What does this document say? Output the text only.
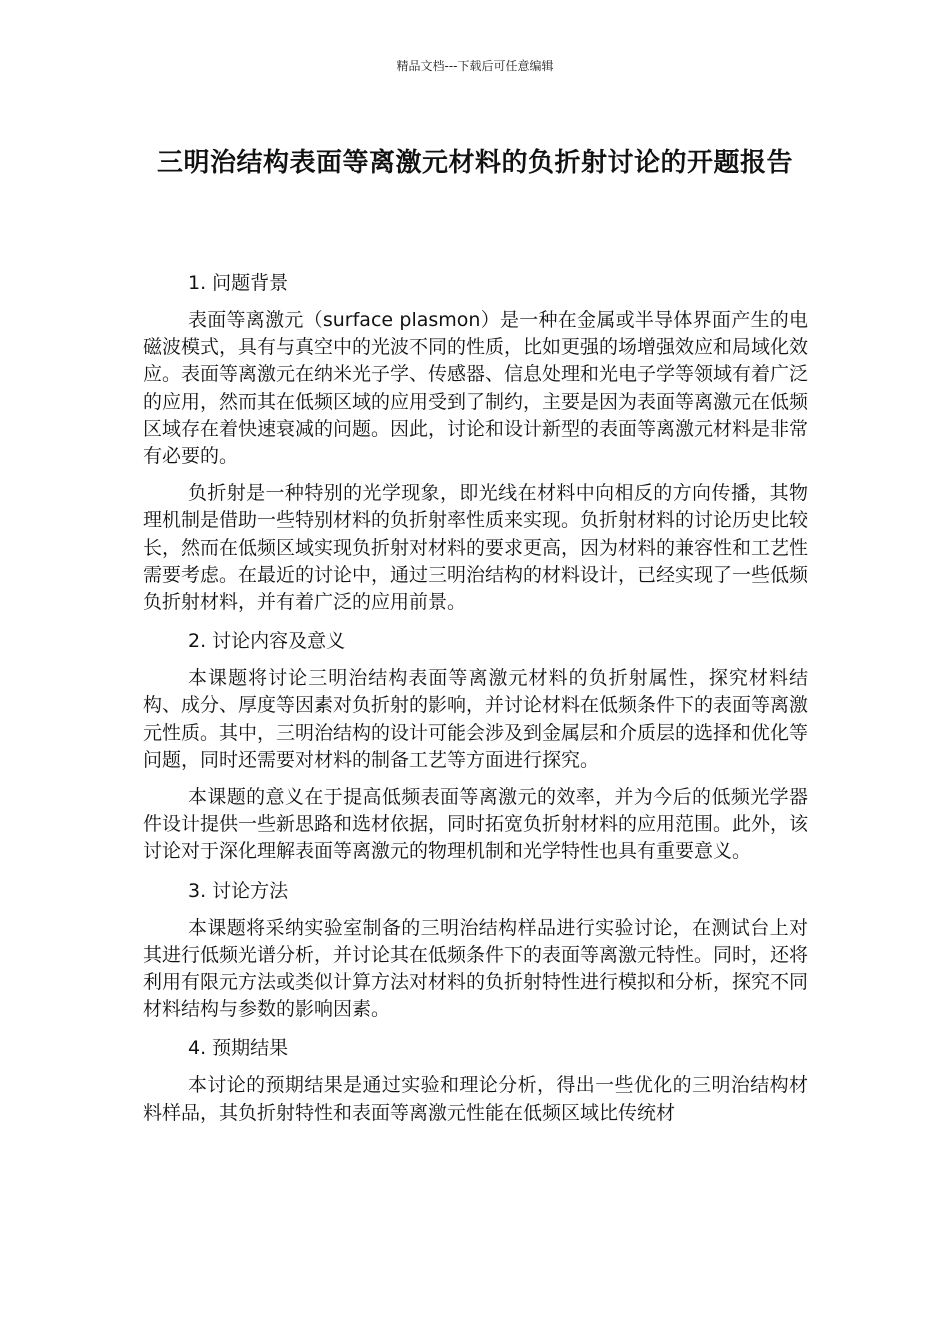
精品文档---下载后可任意编辑
三明治结构表面等离激元材料的负折射讨论的开题报告
1. 问题背景

表面等离激元（surface plasmon）是一种在金属或半导体界面产生的电磁波模式，具有与真空中的光波不同的性质，比如更强的场增强效应和局域化效应。表面等离激元在纳米光子学、传感器、信息处理和光电子学等领域有着广泛的应用，然而其在低频区域的应用受到了制约，主要是因为表面等离激元在低频区域存在着快速衰减的问题。因此，讨论和设计新型的表面等离激元材料是非常有必要的。

负折射是一种特别的光学现象，即光线在材料中向相反的方向传播，其物理机制是借助一些特别材料的负折射率性质来实现。负折射材料的讨论历史比较长，然而在低频区域实现负折射对材料的要求更高，因为材料的兼容性和工艺性需要考虑。在最近的讨论中，通过三明治结构的材料设计，已经实现了一些低频负折射材料，并有着广泛的应用前景。

2. 讨论内容及意义

本课题将讨论三明治结构表面等离激元材料的负折射属性，探究材料结构、成分、厚度等因素对负折射的影响，并讨论材料在低频条件下的表面等离激元性质。其中，三明治结构的设计可能会涉及到金属层和介质层的选择和优化等问题，同时还需要对材料的制备工艺等方面进行探究。

本课题的意义在于提高低频表面等离激元的效率，并为今后的低频光学器件设计提供一些新思路和选材依据，同时拓宽负折射材料的应用范围。此外，该讨论对于深化理解表面等离激元的物理机制和光学特性也具有重要意义。

3. 讨论方法

本课题将采纳实验室制备的三明治结构样品进行实验讨论，在测试台上对其进行低频光谱分析，并讨论其在低频条件下的表面等离激元特性。同时，还将利用有限元方法或类似计算方法对材料的负折射特性进行模拟和分析，探究不同材料结构与参数的影响因素。

4. 预期结果

本讨论的预期结果是通过实验和理论分析，得出一些优化的三明治结构材料样品，其负折射特性和表面等离激元性能在低频区域比传统材
